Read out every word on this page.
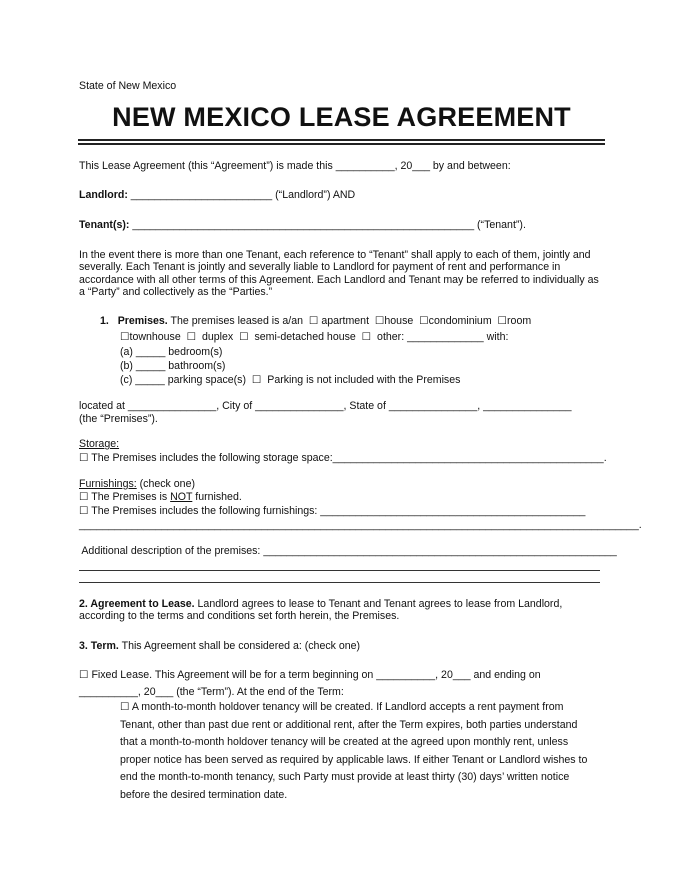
State of New Mexico
NEW MEXICO LEASE AGREEMENT
This Lease Agreement (this “Agreement”) is made this __________, 20___ by and between:
Landlord: ________________________ (“Landlord”) AND
Tenant(s): __________________________________________________________ (“Tenant”).
In the event there is more than one Tenant, each reference to “Tenant” shall apply to each of them, jointly and severally. Each Tenant is jointly and severally liable to Landlord for payment of rent and performance in accordance with all other terms of this Agreement. Each Landlord and Tenant may be referred to individually as a “Party” and collectively as the “Parties.”
1. Premises. The premises leased is a/an  ☐ apartment  ☐house  ☐condominium  ☐room
☐townhouse  ☐  duplex  ☐  semi-detached house  ☐  other: _____________ with:
(a) _____ bedroom(s)
(b) _____ bathroom(s)
(c) _____ parking space(s)  ☐  Parking is not included with the Premises
located at _______________, City of _______________, State of _______________, _______________
(the “Premises”).
Storage:
☐ The Premises includes the following storage space:______________________________________________.
Furnishings: (check one)
☐ The Premises is NOT furnished.
☐ The Premises includes the following furnishings: _____________________________________________
_______________________________________________________________________________________________.
Additional description of the premises: ____________________________________________________________
2. Agreement to Lease. Landlord agrees to lease to Tenant and Tenant agrees to lease from Landlord, according to the terms and conditions set forth herein, the Premises.
3. Term. This Agreement shall be considered a: (check one)
☐ Fixed Lease. This Agreement will be for a term beginning on __________, 20___ and ending on
__________, 20___ (the “Term”). At the end of the Term:
☐ A month-to-month holdover tenancy will be created. If Landlord accepts a rent payment from Tenant, other than past due rent or additional rent, after the Term expires, both parties understand that a month-to-month holdover tenancy will be created at the agreed upon monthly rent, unless proper notice has been served as required by applicable laws. If either Tenant or Landlord wishes to end the month-to-month tenancy, such Party must provide at least thirty (30) days’ written notice before the desired termination date.
